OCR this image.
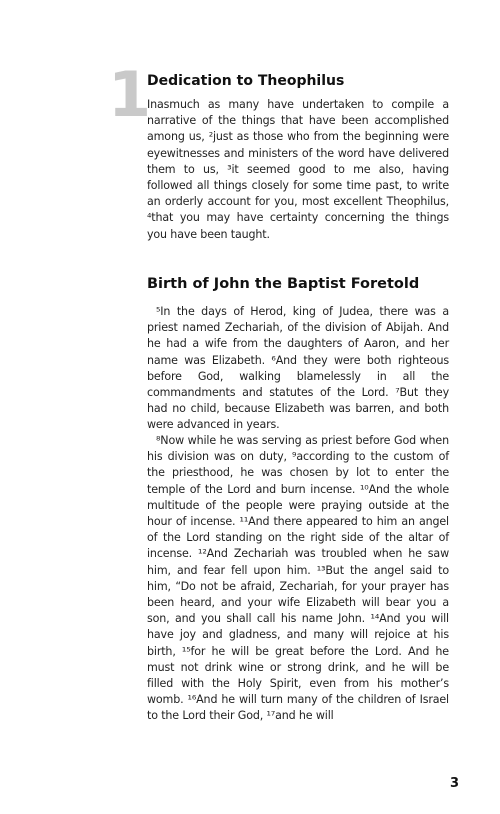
1
Dedication to Theophilus

Inasmuch as many have undertaken to compile a narrative of the things that have been accomplished among us, ²just as those who from the beginning were eyewitnesses and ministers of the word have delivered them to us, ³it seemed good to me also, having followed all things closely for some time past, to write an orderly account for you, most excellent Theophilus, ⁴that you may have certainty concerning the things you have been taught.

Birth of John the Baptist Foretold

⁵In the days of Herod, king of Judea, there was a priest named Zechariah, of the division of Abijah. And he had a wife from the daughters of Aaron, and her name was Elizabeth. ⁶And they were both righteous before God, walking blamelessly in all the commandments and statutes of the Lord. ⁷But they had no child, because Elizabeth was barren, and both were advanced in years.

⁸Now while he was serving as priest before God when his division was on duty, ⁹according to the custom of the priesthood, he was chosen by lot to enter the temple of the Lord and burn incense. ¹⁰And the whole multitude of the people were praying outside at the hour of incense. ¹¹And there appeared to him an angel of the Lord standing on the right side of the altar of incense. ¹²And Zechariah was troubled when he saw him, and fear fell upon him. ¹³But the angel said to him, “Do not be afraid, Zechariah, for your prayer has been heard, and your wife Elizabeth will bear you a son, and you shall call his name John. ¹⁴And you will have joy and gladness, and many will rejoice at his birth, ¹⁵for he will be great before the Lord. And he must not drink wine or strong drink, and he will be filled with the Holy Spirit, even from his mother’s womb. ¹⁶And he will turn many of the children of Israel to the Lord their God, ¹⁷and he will

3
